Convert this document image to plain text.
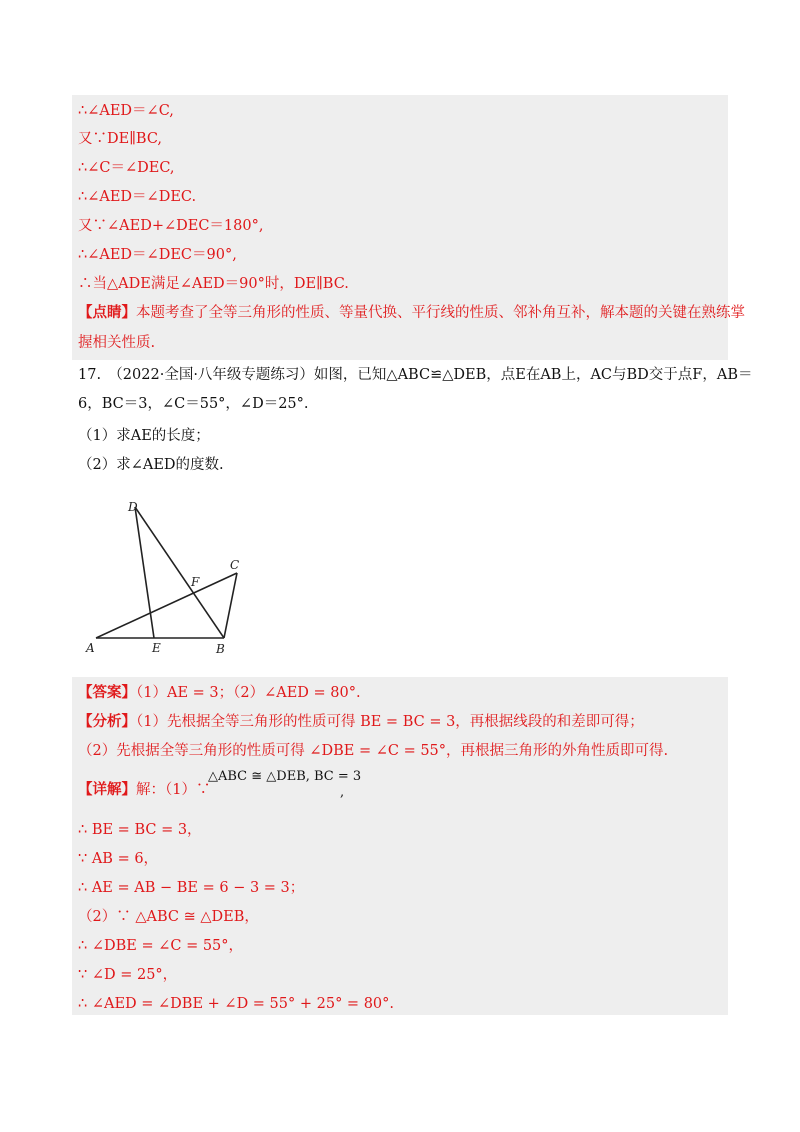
∴∠AED＝∠C,
又∵DE∥BC,
∴∠C＝∠DEC,
∴∠AED＝∠DEC.
又∵∠AED+∠DEC＝180°,
∴∠AED＝∠DEC＝90°,
∴当△ADE满足∠AED＝90°时，DE∥BC.
【点睛】本题考查了全等三角形的性质、等量代换、平行线的性质、邻补角互补，解本题的关键在熟练掌
握相关性质.
17.　（2022·全国·八年级专题练习）如图，已知△ABC≌△DEB，点E在AB上，AC与BD交于点F，AB＝
6，BC＝3，∠C＝55°，∠D＝25°.
（1）求AE的长度；
（2）求∠AED的度数.
D
C
F
A	E	B
【答案】（1）AE = 3；（2）∠AED = 80°.
【分析】（1）先根据全等三角形的性质可得 BE = BC = 3，再根据线段的和差即可得；
（2）先根据全等三角形的性质可得 ∠DBE = ∠C = 55°，再根据三角形的外角性质即可得.
【详解】解：（1）∵
△ABC ≅ △DEB, BC = 3
,
∴ BE = BC = 3，
∵ AB = 6，
∴ AE = AB − BE = 6 − 3 = 3；
（2）∵ △ABC ≅ △DEB，
∴ ∠DBE = ∠C = 55°，
∵ ∠D = 25°，
∴ ∠AED = ∠DBE + ∠D = 55° + 25° = 80°.
